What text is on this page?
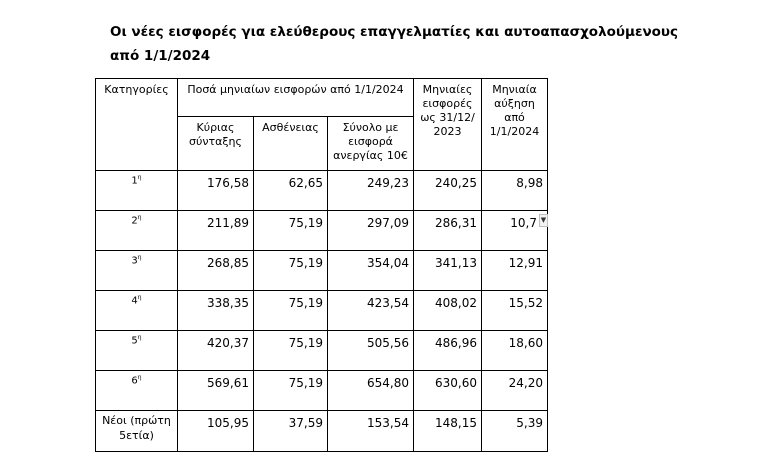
Οι νέες εισφορές για ελεύθερους επαγγελματίες και αυτοαπασχολούμενους από 1/1/2024
Κατηγορίες	Ποσά μηνιαίων εισφορών από 1/1/2024			Μηνιαίες εισφορές ως 31/12/2023	Μηνιαία αύξηση από 1/1/2024
	Κύριας σύνταξης	Ασθένειας	Σύνολο με εισφορά ανεργίας 10€		
$1^\eta$	176,58	62,65	249,23	240,25	8,98
$2^\eta$	211,89	75,19	297,09	286,31	10,7 ▼

$3^\eta$	268,85	75,19	354,04	341,13	12,91
$4^\eta$	338,35	75,19	423,54	408,02	15,52
$5^\eta$	420,37	75,19	505,56	486,96	18,60
$6^\eta$	569,61	75,19	654,80	630,60	24,20
Νέοι (πρώτη 5ετία)	105,95	37,59	153,54	148,15	5,39
